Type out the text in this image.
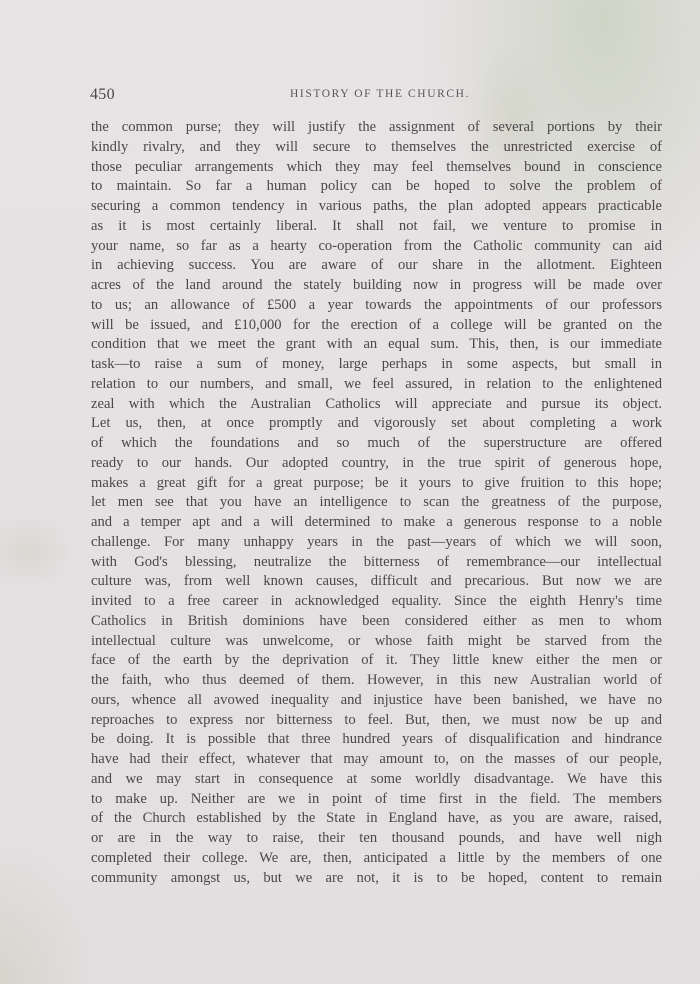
450	HISTORY OF THE CHURCH.
the common purse; they will justify the assignment of several portions by their
kindly rivalry, and they will secure to themselves the unrestricted exercise of
those peculiar arrangements which they may feel themselves bound in conscience
to maintain. So far a human policy can be hoped to solve the problem of
securing a common tendency in various paths, the plan adopted appears practicable
as it is most certainly liberal. It shall not fail, we venture to promise in
your name, so far as a hearty co-operation from the Catholic community can aid
in achieving success. You are aware of our share in the allotment. Eighteen
acres of the land around the stately building now in progress will be made over
to us; an allowance of £500 a year towards the appointments of our professors
will be issued, and £10,000 for the erection of a college will be granted on the
condition that we meet the grant with an equal sum. This, then, is our immediate
task—to raise a sum of money, large perhaps in some aspects, but small in
relation to our numbers, and small, we feel assured, in relation to the enlightened
zeal with which the Australian Catholics will appreciate and pursue its object.
Let us, then, at once promptly and vigorously set about completing a work
of which the foundations and so much of the superstructure are offered
ready to our hands. Our adopted country, in the true spirit of generous hope,
makes a great gift for a great purpose; be it yours to give fruition to this hope;
let men see that you have an intelligence to scan the greatness of the purpose,
and a temper apt and a will determined to make a generous response to a noble
challenge. For many unhappy years in the past—years of which we will soon,
with God's blessing, neutralize the bitterness of remembrance—our intellectual
culture was, from well known causes, difficult and precarious. But now we are
invited to a free career in acknowledged equality. Since the eighth Henry's time
Catholics in British dominions have been considered either as men to whom
intellectual culture was unwelcome, or whose faith might be starved from the
face of the earth by the deprivation of it. They little knew either the men or
the faith, who thus deemed of them. However, in this new Australian world of
ours, whence all avowed inequality and injustice have been banished, we have no
reproaches to express nor bitterness to feel. But, then, we must now be up and
be doing. It is possible that three hundred years of disqualification and hindrance
have had their effect, whatever that may amount to, on the masses of our people,
and we may start in consequence at some worldly disadvantage. We have this
to make up. Neither are we in point of time first in the field. The members
of the Church established by the State in England have, as you are aware, raised,
or are in the way to raise, their ten thousand pounds, and have well nigh
completed their college. We are, then, anticipated a little by the members of one
community amongst us, but we are not, it is to be hoped, content to remain
